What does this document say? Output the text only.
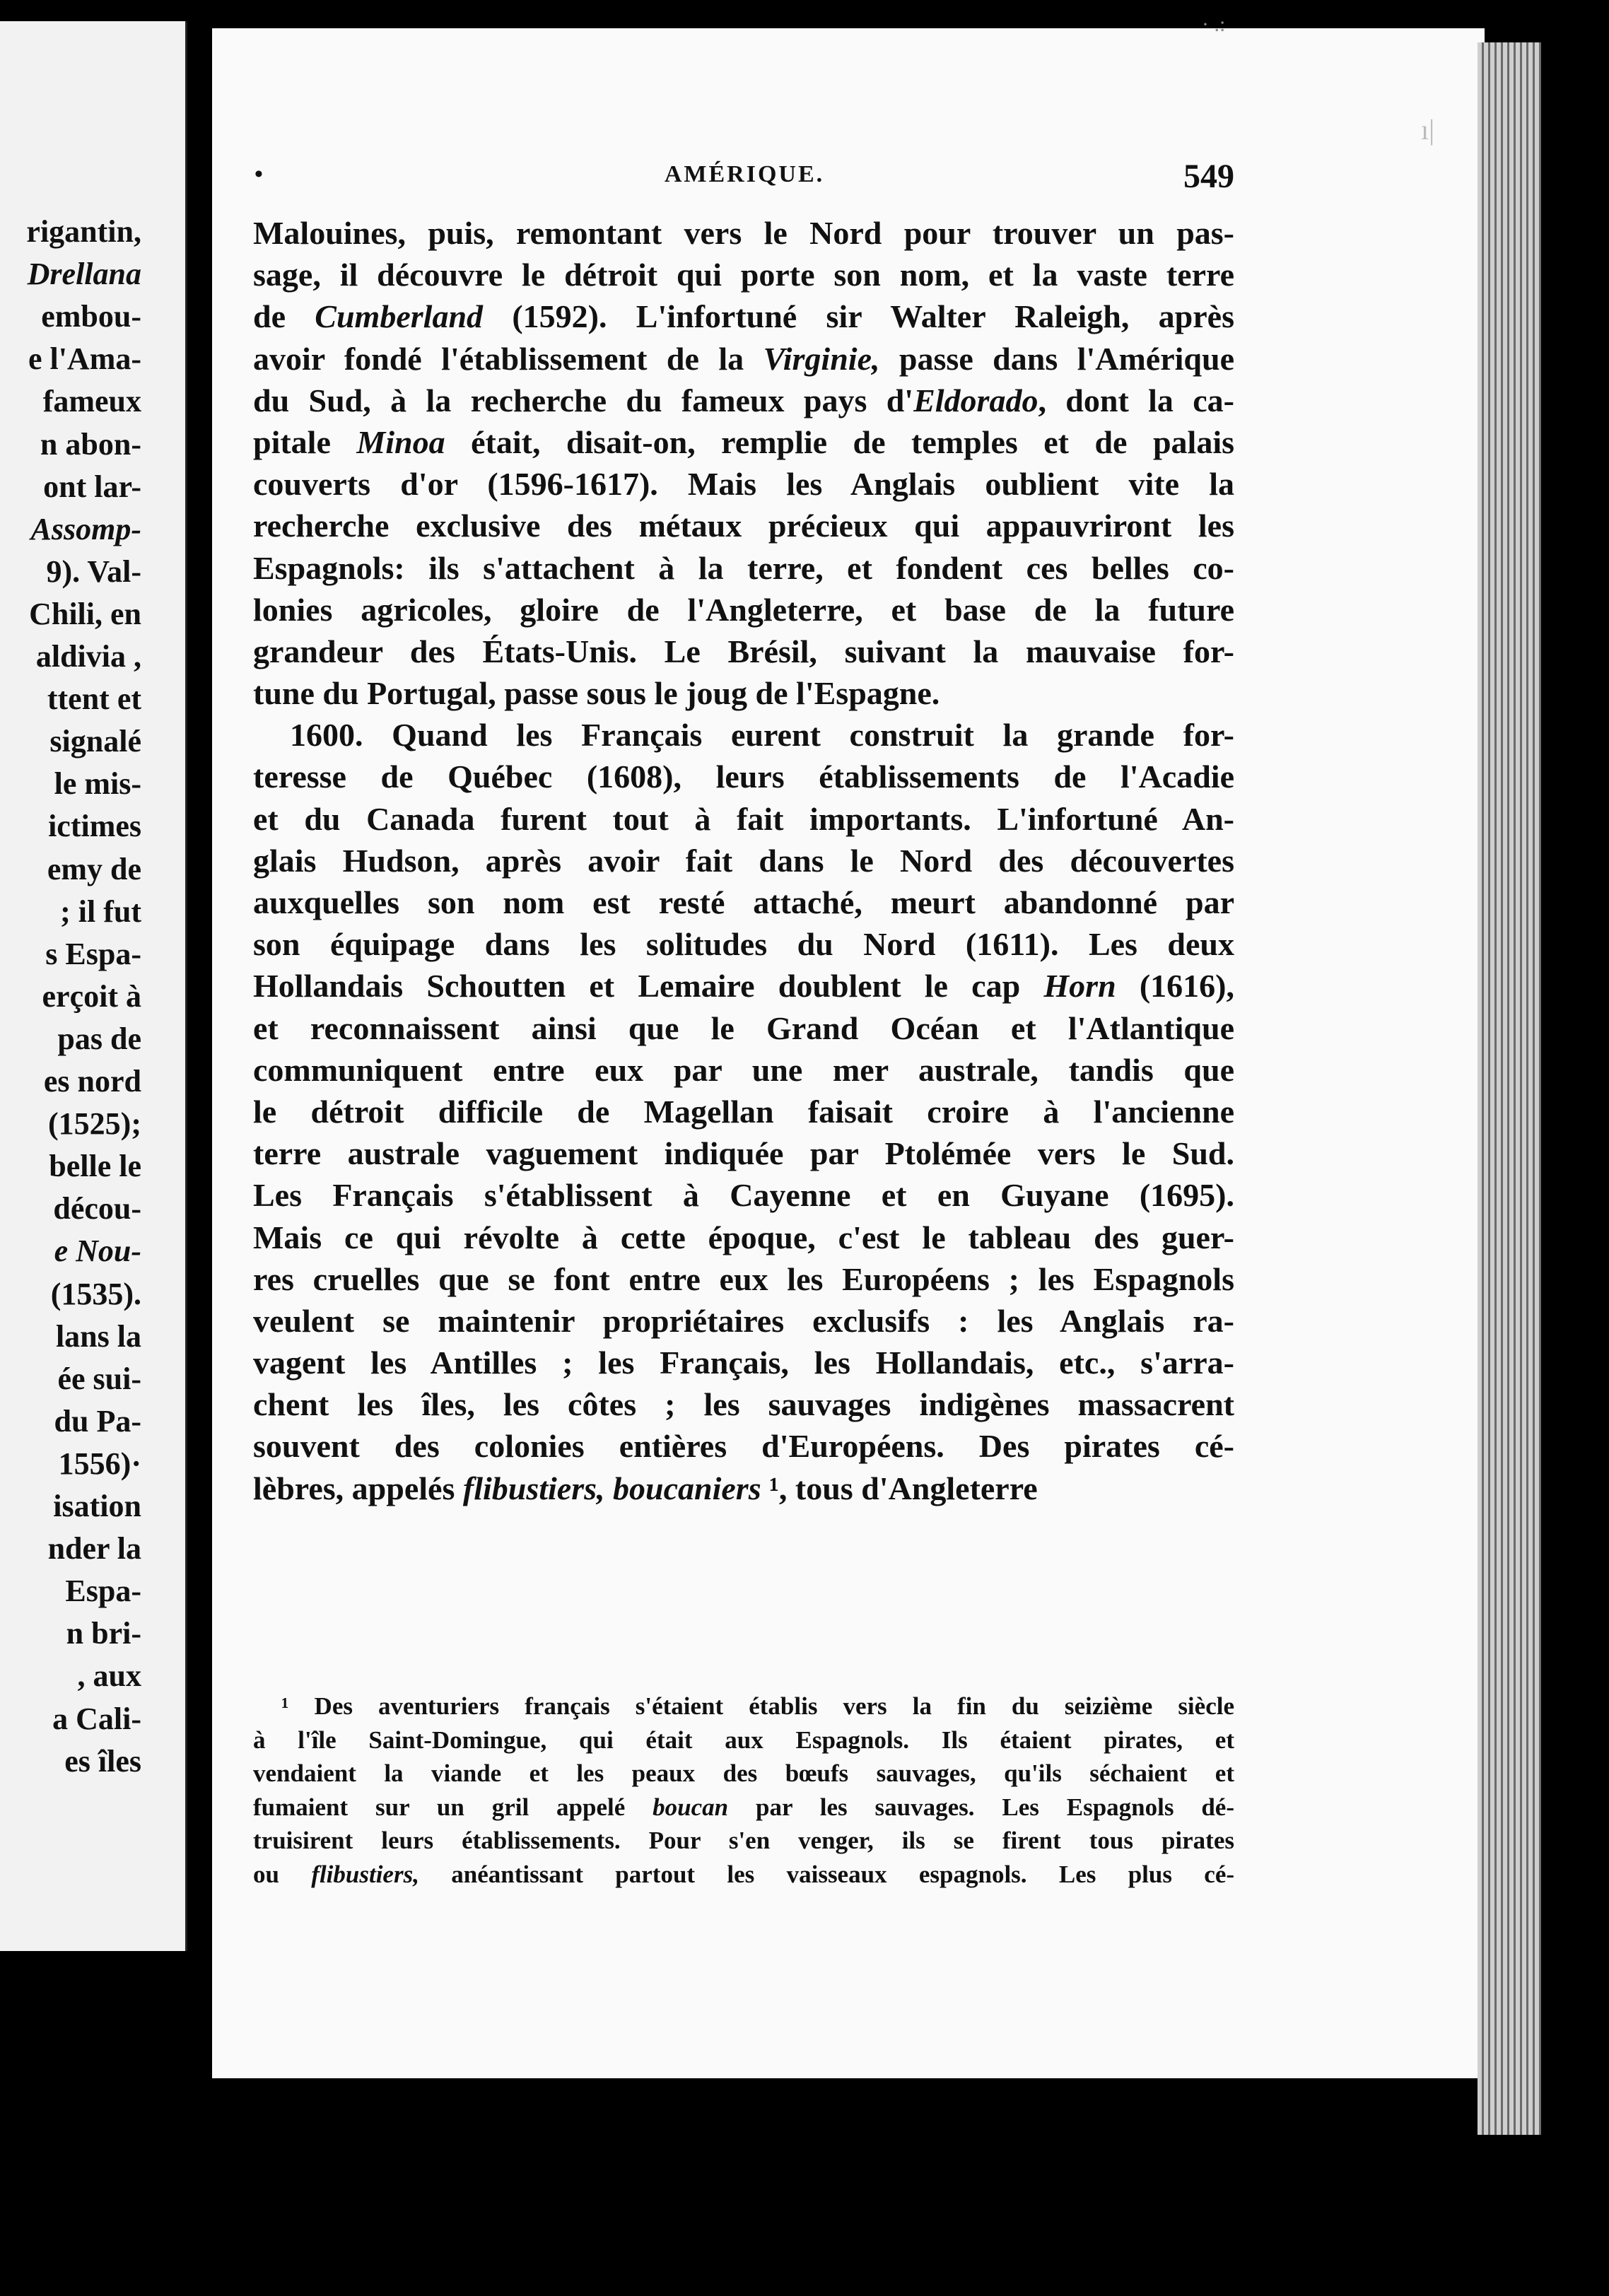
rigantin,
Drellana
embou-
e l'Ama-
fameux
n abon-
ont lar-
Assomp-
9). Val-
Chili, en
aldivia ,
ttent et
signalé
le mis-
ictimes
emy de
; il fut
s Espa-
erçoit à
pas de
es nord
(1525);
belle le
décou-
e Nou-
(1535).
lans la
ée sui-
du Pa-
1556)·
isation
nder la
Espa-
n bri-
, aux
a Cali-
es îles
ı|
· .:
•	AMÉRIQUE.	549
Malouines, puis, remontant vers le Nord pour trouver un pas-
sage, il découvre le détroit qui porte son nom, et la vaste terre
de Cumberland (1592). L'infortuné sir Walter Raleigh, après
avoir fondé l'établissement de la Virginie, passe dans l'Amérique
du Sud, à la recherche du fameux pays d'Eldorado, dont la ca-
pitale Minoa était, disait-on, remplie de temples et de palais
couverts d'or (1596-1617). Mais les Anglais oublient vite la
recherche exclusive des métaux précieux qui appauvriront les
Espagnols: ils s'attachent à la terre, et fondent ces belles co-
lonies agricoles, gloire de l'Angleterre, et base de la future
grandeur des États-Unis. Le Brésil, suivant la mauvaise for-
tune du Portugal, passe sous le joug de l'Espagne.
1600. Quand les Français eurent construit la grande for-
teresse de Québec (1608), leurs établissements de l'Acadie
et du Canada furent tout à fait importants. L'infortuné An-
glais Hudson, après avoir fait dans le Nord des découvertes
auxquelles son nom est resté attaché, meurt abandonné par
son équipage dans les solitudes du Nord (1611). Les deux
Hollandais Schoutten et Lemaire doublent le cap Horn (1616),
et reconnaissent ainsi que le Grand Océan et l'Atlantique
communiquent entre eux par une mer australe, tandis que
le détroit difficile de Magellan faisait croire à l'ancienne
terre australe vaguement indiquée par Ptolémée vers le Sud.
Les Français s'établissent à Cayenne et en Guyane (1695).
Mais ce qui révolte à cette époque, c'est le tableau des guer-
res cruelles que se font entre eux les Européens ; les Espagnols
veulent se maintenir propriétaires exclusifs : les Anglais ra-
vagent les Antilles ; les Français, les Hollandais, etc., s'arra-
chent les îles, les côtes ; les sauvages indigènes massacrent
souvent des colonies entières d'Européens. Des pirates cé-
lèbres, appelés flibustiers, boucaniers ¹, tous d'Angleterre
¹ Des aventuriers français s'étaient établis vers la fin du seizième siècle
à l'île Saint-Domingue, qui était aux Espagnols. Ils étaient pirates, et
vendaient la viande et les peaux des bœufs sauvages, qu'ils séchaient et
fumaient sur un gril appelé boucan par les sauvages. Les Espagnols dé-
truisirent leurs établissements. Pour s'en venger, ils se firent tous pirates
ou flibustiers, anéantissant partout les vaisseaux espagnols. Les plus cé-
